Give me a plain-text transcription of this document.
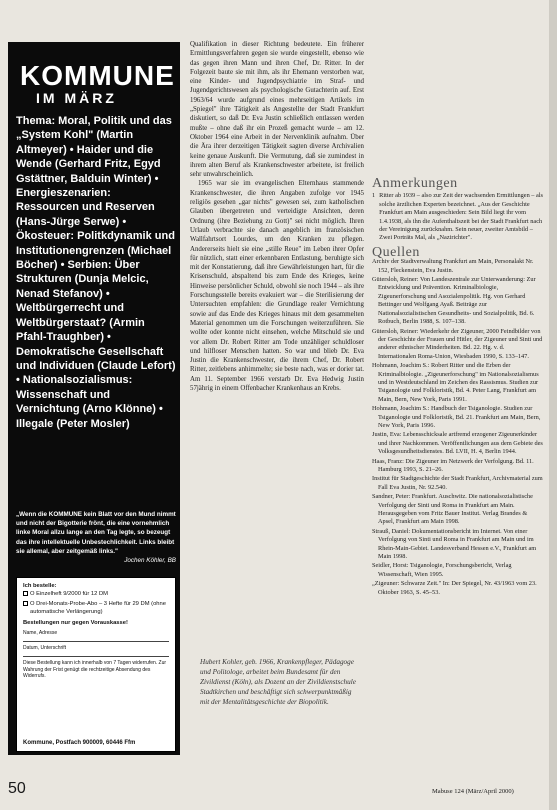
KOMMUNE
IM MÄRZ
Thema: Moral, Politik und das „System Kohl" (Martin Altmeyer) • Haider und die Wende (Gerhard Fritz, Egyd Gstättner, Balduin Winter) • Energieszenarien: Ressourcen und Reserven (Hans-Jürge Serwe) • Ökosteuer: Politkdynamik und Institutionengrenzen (Michael Böcher) • Serbien: Über Strukturen (Dunja Melcic, Nenad Stefanov) • Weltbürgerrecht und Weltbürgerstaat? (Armin Pfahl-Traughber) • Demokratische Gesellschaft und Individuen (Claude Lefort) • Nationalsozialismus: Wissenschaft und Vernichtung (Arno Klönne) • Illegale (Peter Mosler)
„Wenn die KOMMUNE kein Blatt vor den Mund nimmt und nicht der Bigotterie frönt, die eine vornehmlich linke Moral allzu lange an den Tag legte, so bezeugt das ihre intellektuelle Unbestechlichkeit. Links bleibt sie allemal, aber zeitgemäß links."
Jochen Köhler, BB
Ich bestelle:
O Einzelheft 9/2000 für 12 DM
O Drei-Monats-Probe-Abo – 3 Hefte für 29 DM (ohne automatische Verlängerung)
Bestellungen nur gegen Vorauskasse!
Name, Adresse
Datum, Unterschrift
Diese Bestellung kann ich innerhalb von 7 Tagen widerrufen. Zur Wahrung der Frist genügt die rechtzeitige Absendung des Widerrufs.
Kommune, Postfach 900009, 60446 Ffm

Qualifikation in dieser Richtung bedeutete. Ein früherer Ermittlungsverfahren gegen sie wurde eingestellt, ebenso wie das gegen ihren Mann und ihren Chef, Dr. Ritter. In der Folgezeit baute sie mit ihm, als ihr Ehemann verstorben war, eine Kinder- und Jugendpsychiatrie im Straf- und Jugendgerichtswesen als psychologische Gutachterin auf. Erst 1963/64 wurde aufgrund eines mehrseitigen Artikels im „Spiegel" ihre Tätigkeit als Angestellte der Stadt Frankfurt diskutiert, so daß Dr. Eva Justin schließlich entlassen werden mußte – ohne daß ihr ein Prozeß gemacht wurde – am 12. Oktober 1964 eine Arbeit in der Nervenklinik aufnahm. Über die Ära ihrer derzeitigen Tätigkeit sagten diverse Archivalien keine genaue Auskunft. Die Vermutung, daß sie zumindest in ihrem alten Beruf als Krankenschwester arbeitete, ist freilich sehr unwahrscheinlich.

1965 war sie im evangelischen Elternhaus stammende Krankenschwester, die ihren Angaben zufolge vor 1945 religiös gesehen „gar nichts" gewesen sei, zum katholischen Glauben übergetreten und verteidigte Ansichten, deren Ordnung (ihre Beziehung zu Gott)" sei nicht möglich. Ihren Urlaub verbrachte sie danach angeblich im französischen Wallfahrtsort Lourdes, um den Kranken zu pflegen. Andererseits hielt sie eine „stille Reue" im Leben ihrer Opfer für nützlich, statt einer erkennbaren Entlastung, beruhigte sich mit der Konstatierung, daß ihre Gewährleistungen hart, für die Krisenschuld, abspaltend bis zum Ende des Krieges, keine Hinweise persönlicher Schuld, obwohl sie noch 1944 – als ihre Forschungsstelle bereits evakuiert war – die Sterilisierung der Untersuchten empfahlen: die Grundlage realer Vernichtung sowie auf das Ende des Krieges hinaus mit dem gesammelten Material genommen um die Forschungen weiterzuführen. Sie wollte oder konnte nicht einsehen, welche Mitschuld sie und vor allem Dr. Robert Ritter am Tode unzähliger schuldloser und hilfloser Menschen hatten. So war und blieb Dr. Eva Justin die Krankenschwester, die ihrem Chef, Dr. Robert Ritter, zeitlebens anhimmelte; sie beste nach, was er dorier tat. Am 11. September 1966 verstarb Dr. Eva Hedwig Justin 57jährig in einem Offenbacher Krankenhaus an Krebs.

Hubert Kohler, geb. 1966, Krankenpfleger, Pädagoge und Politologe, arbeitet beim Bundesamt für den Zivildienst (Köln), als Dozent an der Zivildienstschule Stadtkirchen und beschäftigt sich schwerpunktmäßig mit der Mentalitätsgeschichte der Biopolitik.
Anmerkungen
1 Ritter ab 1939 – also zur Zeit der wachsenden Ermittlungen – als solche ärztlichen Experten bezeichnet. „Aus der Geschichte Frankfurt am Main ausgeschieden: Sein Bild liegt ihr vom 1.4.1938, als ihn die Aufenthaltszeit bei der Stadt Frankfurt nach der Vereinigung zurücknahm. Sein neuer, zweiter Amtsbild – Zwei Porträts Mal, als „Nazirichter".
Quellen
Archiv der Stadtverwaltung Frankfurt am Main, Personalakt Nr. 152, Fleckenstein, Eva Justin.
Gütersloh, Reiner: Von Landeszentrale zur Unterwanderung: Zur Entwicklung und Prävention. Kriminalbiologie, Zigeunerforschung und Asozialenpolitik. Hg. von Gerhard Bettinger und Wolfgang Ayaß. Beiträge zur Nationalsozialistischen Gesundheits- und Sozialpolitik, Bd. 6. Rotbuch, Berlin 1988, S. 107–138.
Gütersloh, Reiner: Wiederkehr der Zigeuner, 2000 Feindbilder von der Geschichte der Frauen und Hitler, der Zigeuner und Sinti und anderer ethnischer Minderheiten. Bd. 22. Hg. v. d. Internationalen Roma-Union, Wiesbaden 1990, S. 133–147.
Hohmann, Joachim S.: Robert Ritter und die Erben der Kriminalbiologie. „Zigeunerforschung" im Nationalsozialismus und in Westdeutschland im Zeichen des Rassismus. Studien zur Tsiganologie und Folkloristik, Bd. 4. Peter Lang, Frankfurt am Main, Bern, New York, Paris 1991.
Hohmann, Joachim S.: Handbuch der Tsiganologie. Studien zur Tsiganologie und Folkloristik, Bd. 21. Frankfurt am Main, Bern, New York, Paris 1996.
Justin, Eva: Lebensschicksale artfremd erzogener Zigeunerkinder und ihrer Nachkommen. Veröffentlichungen aus dem Gebiete des Volksgesundheitsdienstes. Bd. LVII, H. 4, Berlin 1944.
Haas, Franz: Die Zigeuner im Netzwerk der Verfolgung. Bd. 11. Hamburg 1993, S. 21–26.
Institut für Stadtgeschichte der Stadt Frankfurt, Archivmaterial zum Fall Eva Justin, Nr. 92.540.
Sandner, Peter: Frankfurt. Auschwitz. Die nationalsozialistische Verfolgung der Sinti und Roma in Frankfurt am Main. Herausgegeben vom Fritz Bauer Institut. Verlag Brandes & Apsel, Frankfurt am Main 1998.
Strauß, Daniel: Dokumentationsbericht im Internet. Von einer Verfolgung von Sinti und Roma in Frankfurt am Main und im Rhein-Main-Gebiet. Landesverband Hessen e.V., Frankfurt am Main 1998.
Seidler, Horst: Tsiganologie, Forschungsbericht, Verlag Wissenschaft, Wien 1995.
„Zigeuner: Schwarze Zeit." In: Der Spiegel, Nr. 43/1963 vom 23. Oktober 1963, S. 45–53.
50	Mabuse 124 (März/April 2000)
